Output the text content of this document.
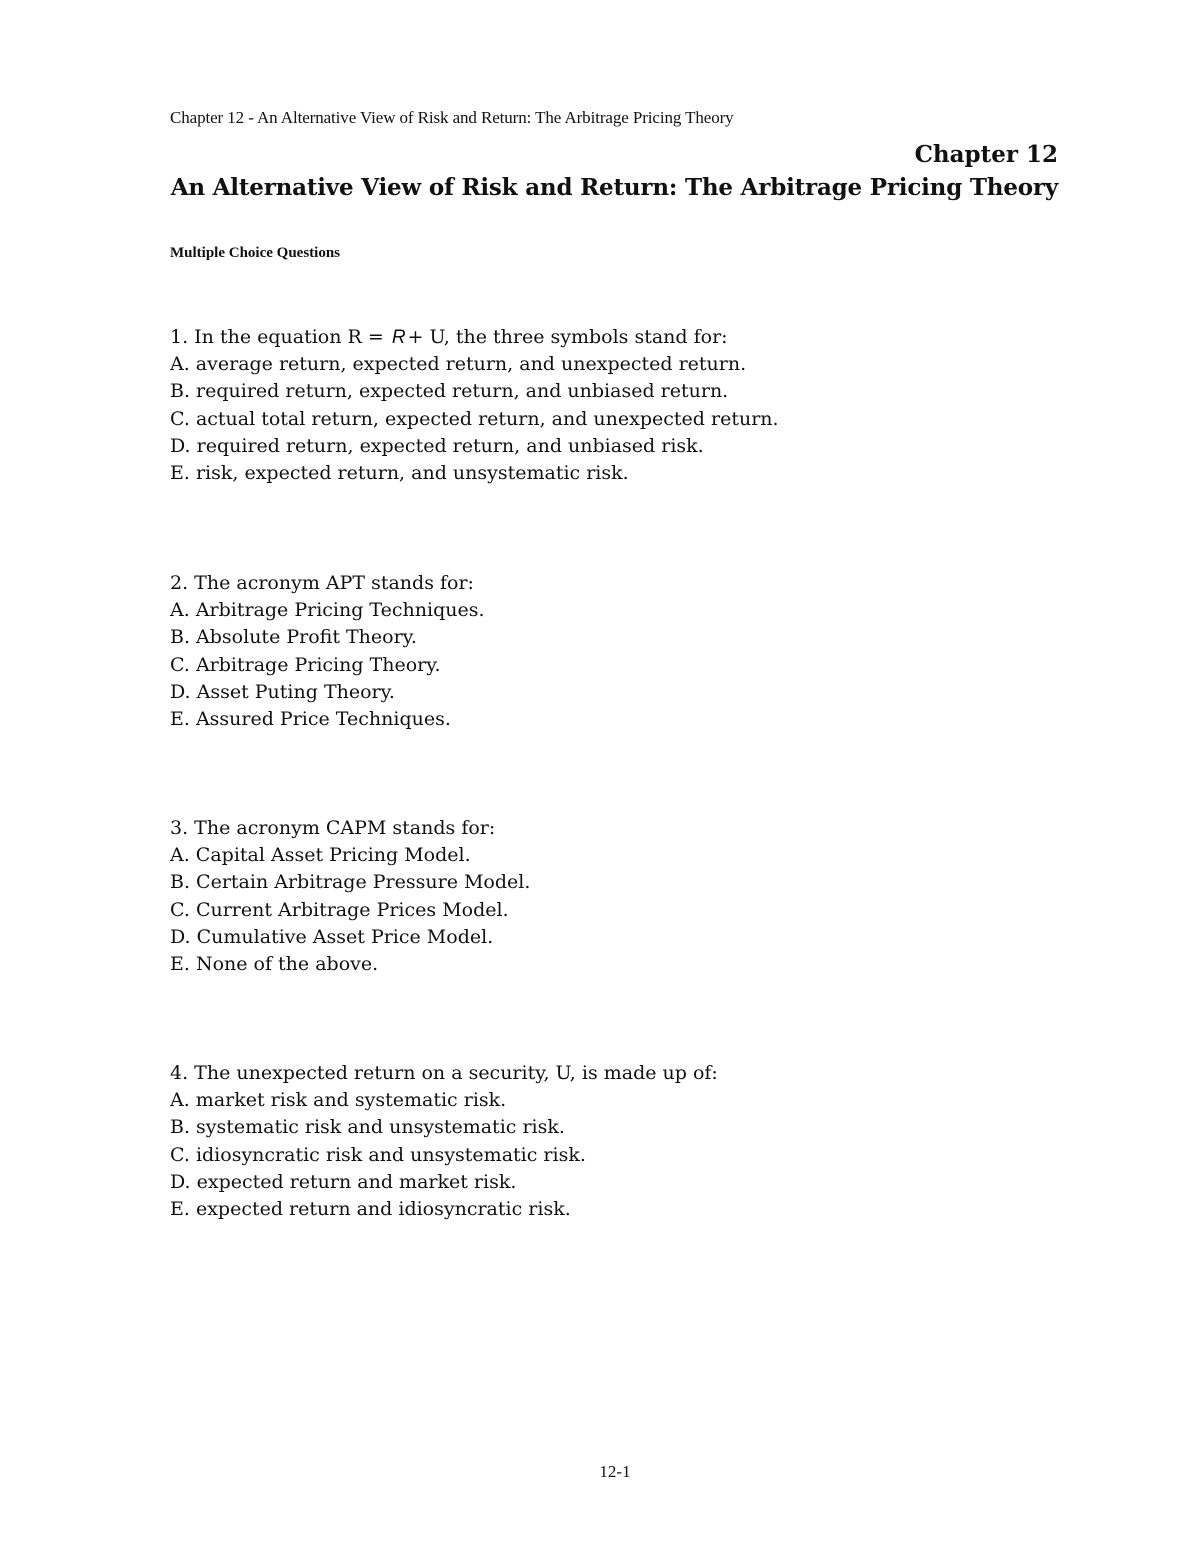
Chapter 12 - An Alternative View of Risk and Return: The Arbitrage Pricing Theory
Chapter 12
An Alternative View of Risk and Return: The Arbitrage Pricing Theory
Multiple Choice Questions
1. In the equation R = R + U, the three symbols stand for:
A. average return, expected return, and unexpected return.
B. required return, expected return, and unbiased return.
C. actual total return, expected return, and unexpected return.
D. required return, expected return, and unbiased risk.
E. risk, expected return, and unsystematic risk.
2. The acronym APT stands for:
A. Arbitrage Pricing Techniques.
B. Absolute Profit Theory.
C. Arbitrage Pricing Theory.
D. Asset Puting Theory.
E. Assured Price Techniques.
3. The acronym CAPM stands for:
A. Capital Asset Pricing Model.
B. Certain Arbitrage Pressure Model.
C. Current Arbitrage Prices Model.
D. Cumulative Asset Price Model.
E. None of the above.
4. The unexpected return on a security, U, is made up of:
A. market risk and systematic risk.
B. systematic risk and unsystematic risk.
C. idiosyncratic risk and unsystematic risk.
D. expected return and market risk.
E. expected return and idiosyncratic risk.
12-1
